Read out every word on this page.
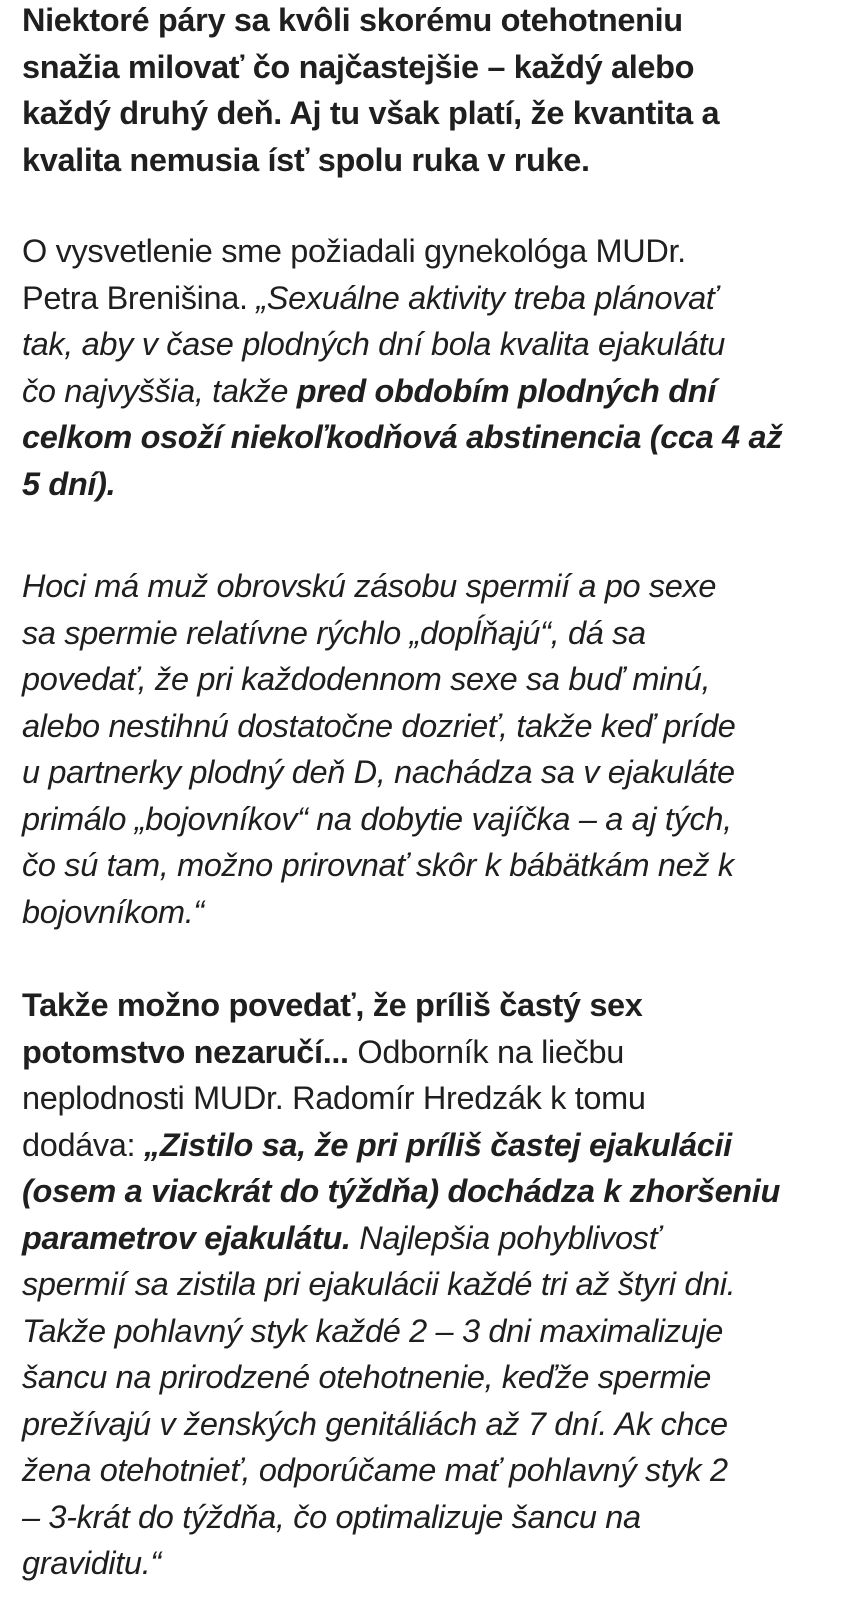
Niektoré páry sa kvôli skorému otehotneniu
snažia milovať čo najčastejšie – každý alebo
každý druhý deň. Aj tu však platí, že kvantita a
kvalita nemusia ísť spolu ruka v ruke.

O vysvetlenie sme požiadali gynekológa MUDr.
Petra Brenišina. „Sexuálne aktivity treba plánovať
tak, aby v čase plodných dní bola kvalita ejakulátu
čo najvyššia, takže pred obdobím plodných dní
celkom osoží niekoľkodňová abstinencia (cca 4 až
5 dní).

Hoci má muž obrovskú zásobu spermií a po sexe
sa spermie relatívne rýchlo „dopĺňajú“, dá sa
povedať, že pri každodennom sexe sa buď minú,
alebo nestihnú dostatočne dozrieť, takže keď príde
u partnerky plodný deň D, nachádza sa v ejakuláte
primálo „bojovníkov“ na dobytie vajíčka – a aj tých,
čo sú tam, možno prirovnať skôr k bábätkám než k
bojovníkom.“

Takže možno povedať, že príliš častý sex
potomstvo nezaručí... Odborník na liečbu
neplodnosti MUDr. Radomír Hredzák k tomu
dodáva: „Zistilo sa, že pri príliš častej ejakulácii
(osem a viackrát do týždňa) dochádza k zhoršeniu
parametrov ejakulátu. Najlepšia pohyblivosť
spermií sa zistila pri ejakulácii každé tri až štyri dni.
Takže pohlavný styk každé 2 – 3 dni maximalizuje
šancu na prirodzené otehotnenie, keďže spermie
prežívajú v ženských genitáliách až 7 dní. Ak chce
žena otehotnieť, odporúčame mať pohlavný styk 2
– 3-krát do týždňa, čo optimalizuje šancu na
graviditu.“
